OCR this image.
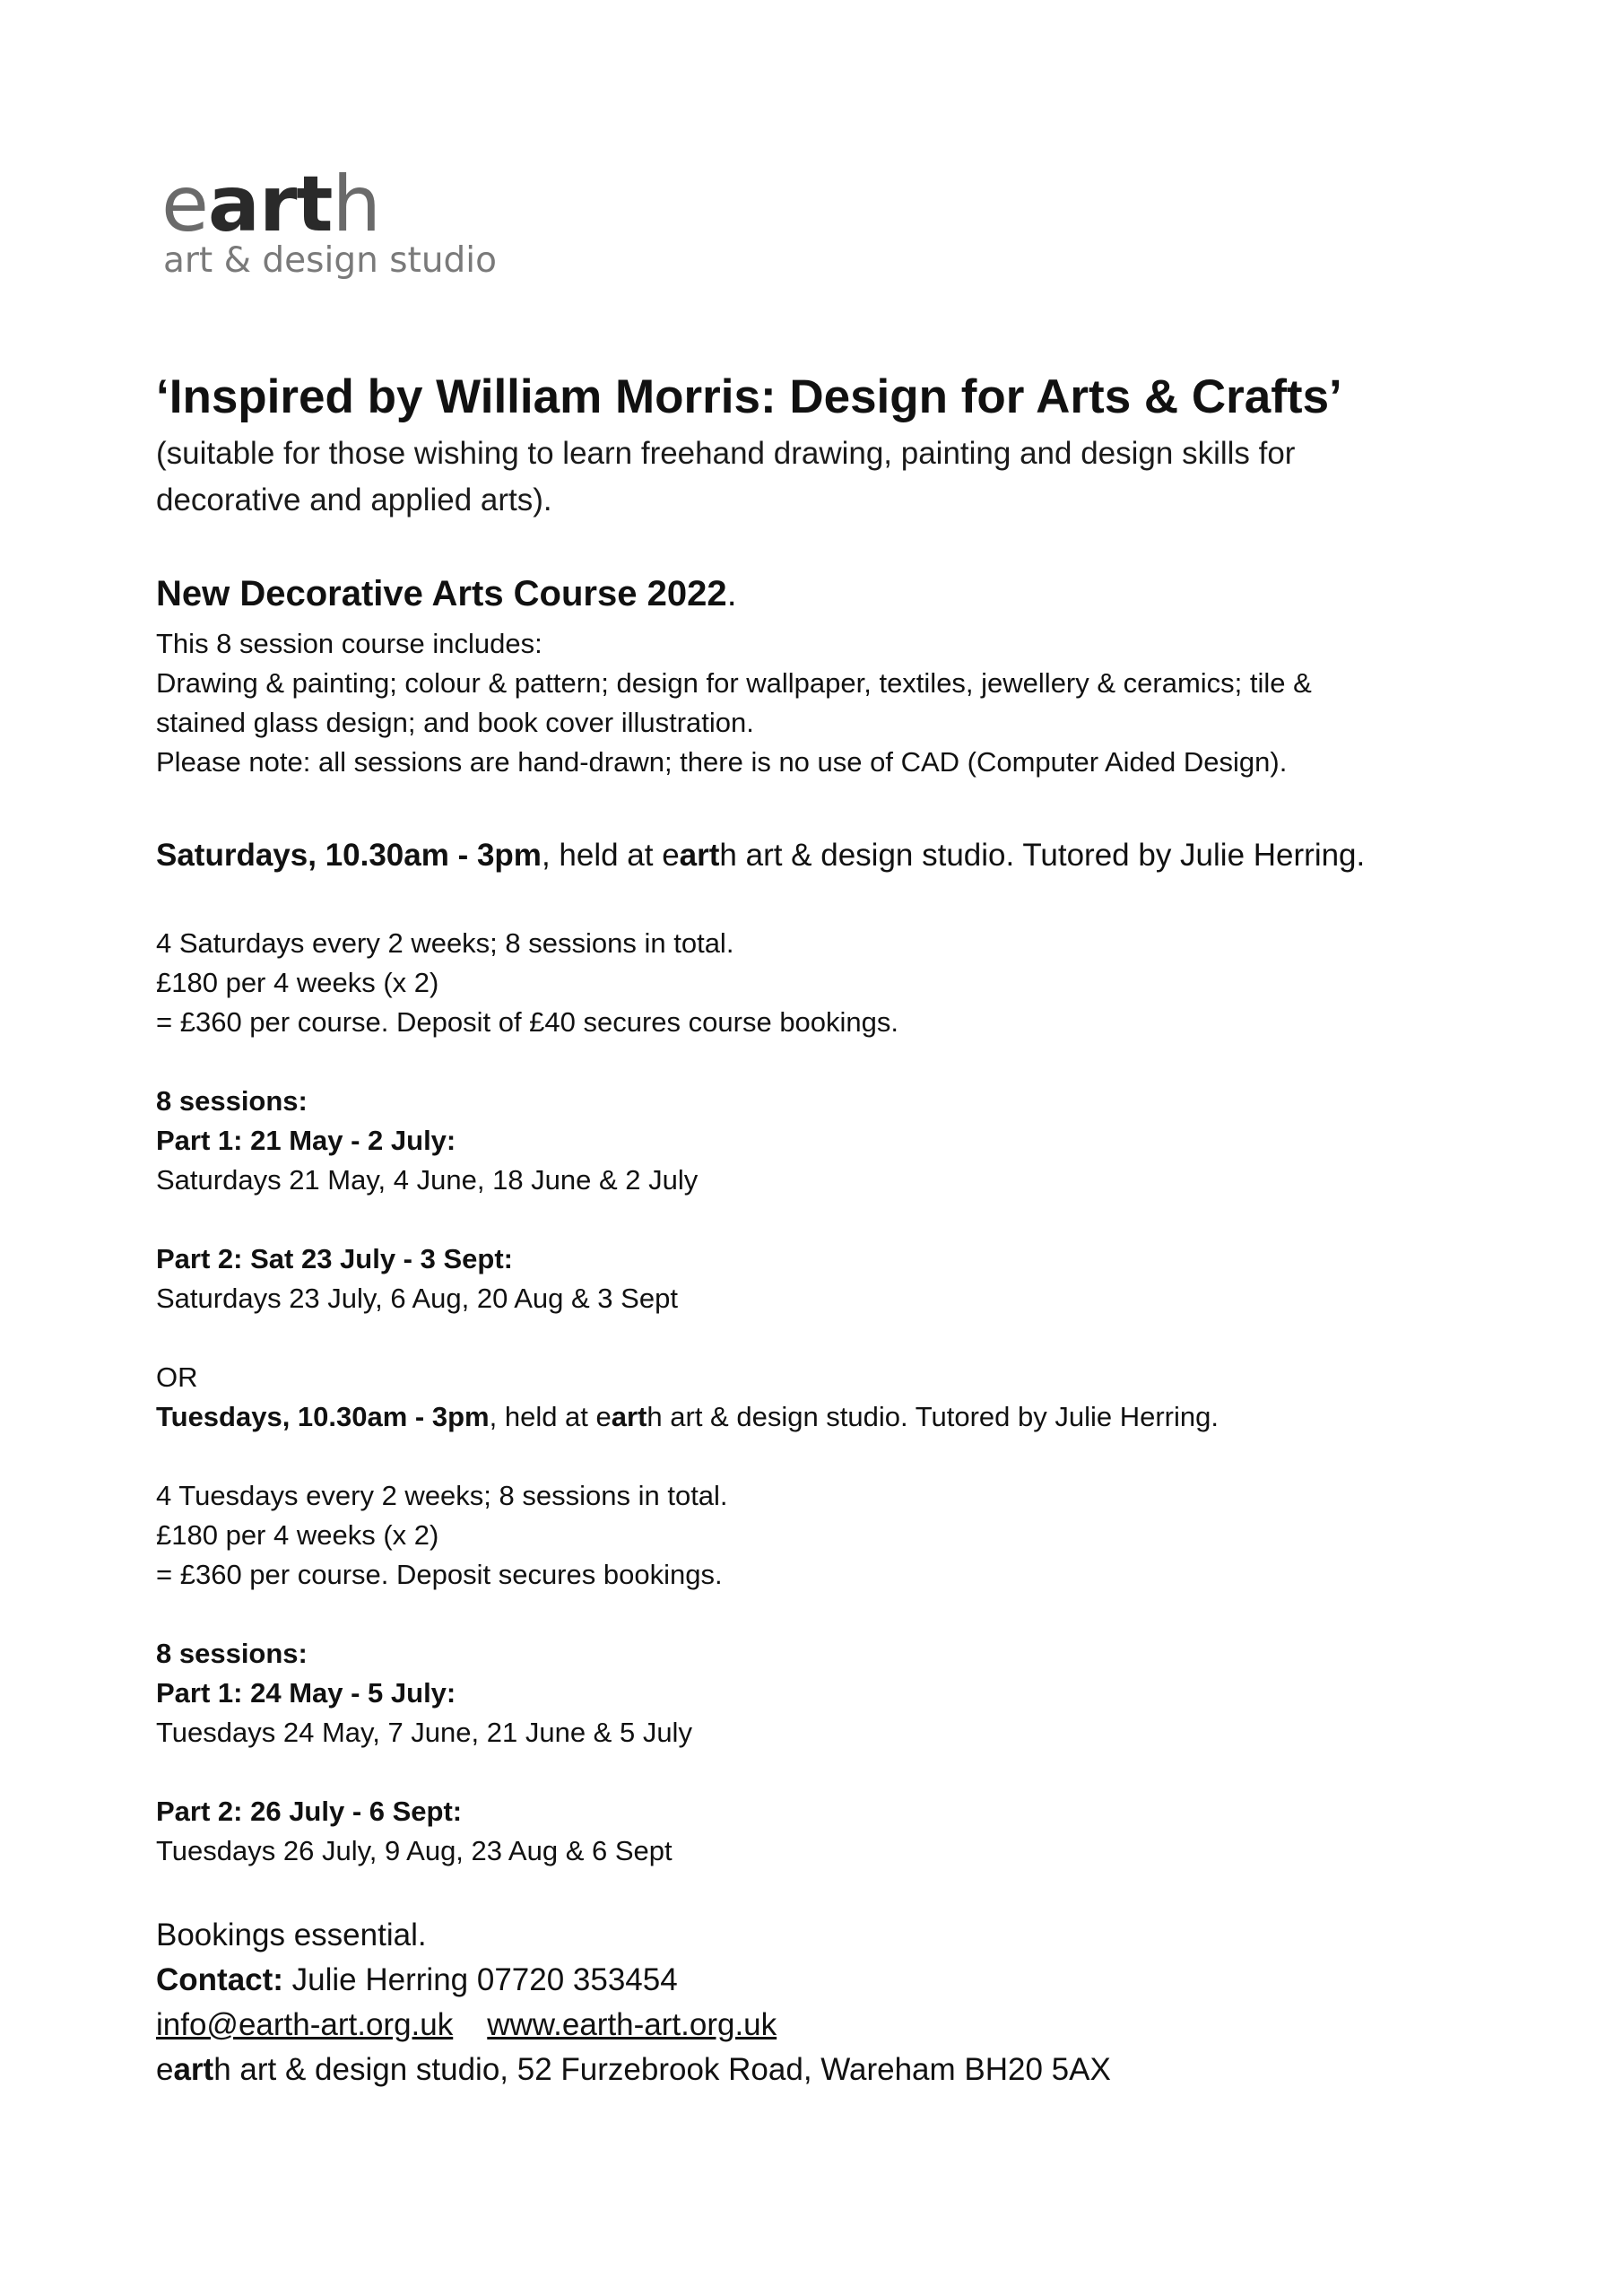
earth
art & design studio
‘Inspired by William Morris: Design for Arts & Crafts’
(suitable for those wishing to learn freehand drawing, painting and design skills for
decorative and applied arts).
New Decorative Arts Course 2022.
This 8 session course includes:
Drawing & painting; colour & pattern; design for wallpaper, textiles, jewellery & ceramics; tile &
stained glass design; and book cover illustration.
Please note: all sessions are hand-drawn; there is no use of CAD (Computer Aided Design).
Saturdays, 10.30am - 3pm, held at earth art & design studio. Tutored by Julie Herring.
4 Saturdays every 2 weeks; 8 sessions in total.
£180 per 4 weeks (x 2)
= £360 per course. Deposit of £40 secures course bookings.
8 sessions:
Part 1: 21 May - 2 July:
Saturdays 21 May, 4 June, 18 June & 2 July
Part 2: Sat 23 July - 3 Sept:
Saturdays 23 July, 6 Aug, 20 Aug & 3 Sept
OR
Tuesdays, 10.30am - 3pm, held at earth art & design studio. Tutored by Julie Herring.
4 Tuesdays every 2 weeks; 8 sessions in total.
£180 per 4 weeks (x 2)
= £360 per course. Deposit secures bookings.
8 sessions:
Part 1: 24 May - 5 July:
Tuesdays 24 May, 7 June, 21 June & 5 July
Part 2: 26 July - 6 Sept:
Tuesdays 26 July, 9 Aug, 23 Aug & 6 Sept
Bookings essential.
Contact: Julie Herring 07720 353454
info@earth-art.org.uk www.earth-art.org.uk
earth art & design studio, 52 Furzebrook Road, Wareham BH20 5AX
